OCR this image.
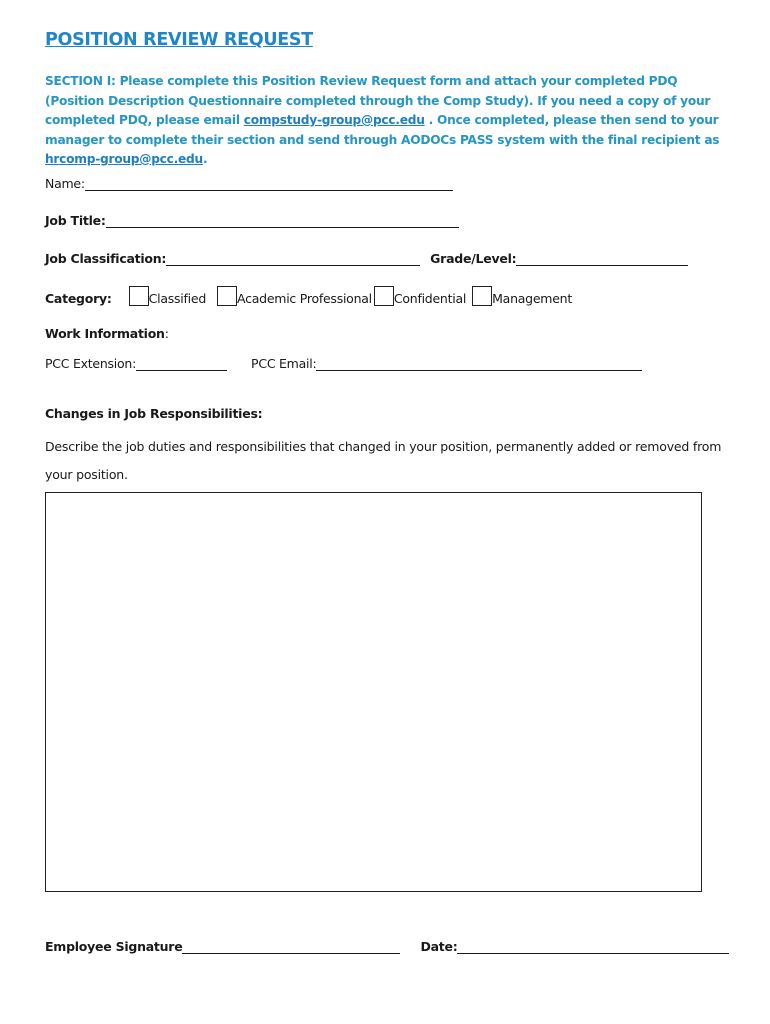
POSITION REVIEW REQUEST

SECTION I: Please complete this Position Review Request form and attach your completed PDQ (Position Description Questionnaire completed through the Comp Study). If you need a copy of your completed PDQ, please email compstudy-group@pcc.edu . Once completed, please then send to your manager to complete their section and send through AODOCs PASS system with the final recipient as hrcomp-group@pcc.edu.

Name:
Job Title:
Job Classification:	Grade/Level:
Category:	Classified Academic Professional Confidential Management
Work Information :
PCC Extension:	PCC Email:
Changes in Job Responsibilities:

Describe the job duties and responsibilities that changed in your position, permanently added or removed from your position.

Employee Signature	Date:
